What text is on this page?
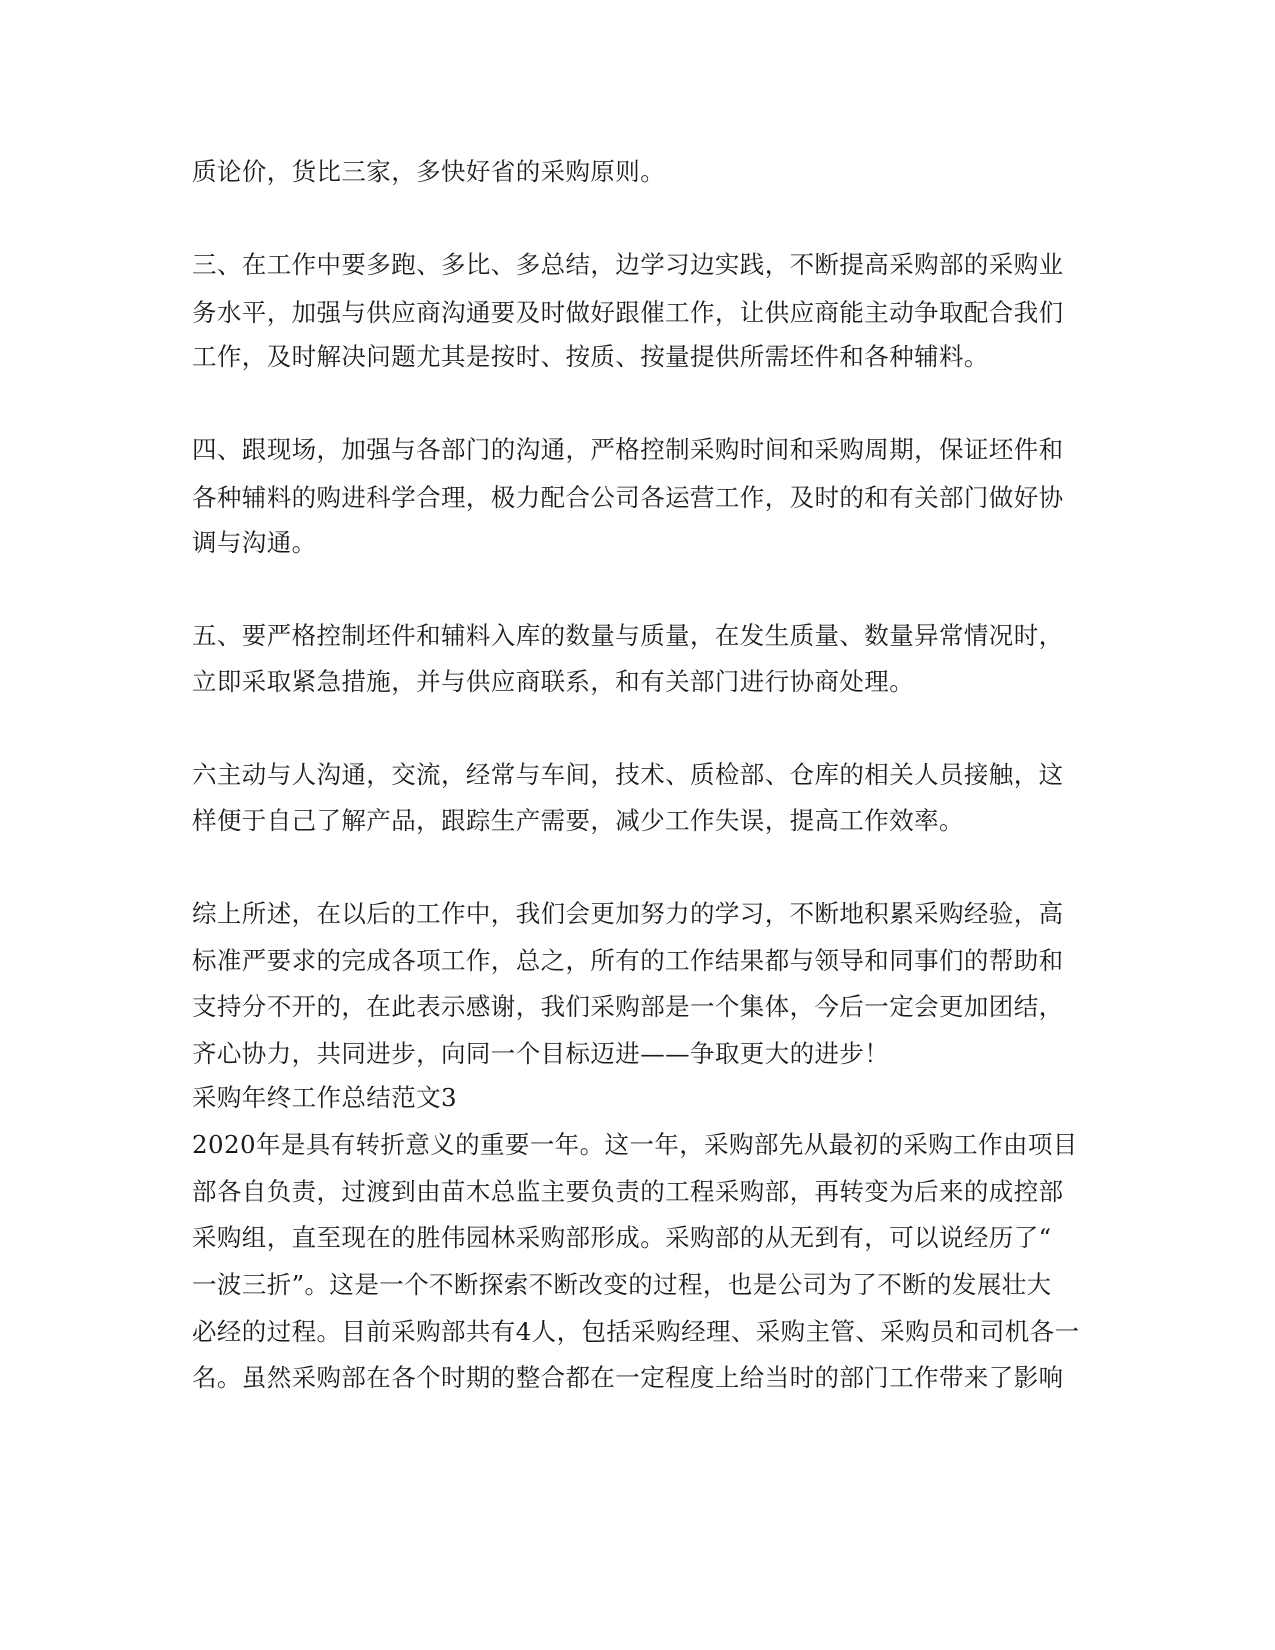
质论价，货比三家，多快好省的采购原则。

三、在工作中要多跑、多比、多总结，边学习边实践，不断提高采购部的采购业

务水平，加强与供应商沟通要及时做好跟催工作，让供应商能主动争取配合我们

工作，及时解决问题尤其是按时、按质、按量提供所需坯件和各种辅料。

四、跟现场，加强与各部门的沟通，严格控制采购时间和采购周期，保证坯件和

各种辅料的购进科学合理，极力配合公司各运营工作，及时的和有关部门做好协

调与沟通。

五、要严格控制坯件和辅料入库的数量与质量，在发生质量、数量异常情况时，

立即采取紧急措施，并与供应商联系，和有关部门进行协商处理。

六主动与人沟通，交流，经常与车间，技术、质检部、仓库的相关人员接触，这

样便于自己了解产品，跟踪生产需要，减少工作失误，提高工作效率。

综上所述，在以后的工作中，我们会更加努力的学习，不断地积累采购经验，高

标准严要求的完成各项工作，总之，所有的工作结果都与领导和同事们的帮助和

支持分不开的，在此表示感谢，我们采购部是一个集体，今后一定会更加团结，

齐心协力，共同进步，向同一个目标迈进——争取更大的进步！

采购年终工作总结范文3

2020年是具有转折意义的重要一年。这一年，采购部先从最初的采购工作由项目

部各自负责，过渡到由苗木总监主要负责的工程采购部，再转变为后来的成控部

采购组，直至现在的胜伟园林采购部形成。采购部的从无到有，可以说经历了“

一波三折”。这是一个不断探索不断改变的过程，也是公司为了不断的发展壮大

必经的过程。目前采购部共有4人，包括采购经理、采购主管、采购员和司机各一

名。虽然采购部在各个时期的整合都在一定程度上给当时的部门工作带来了影响
